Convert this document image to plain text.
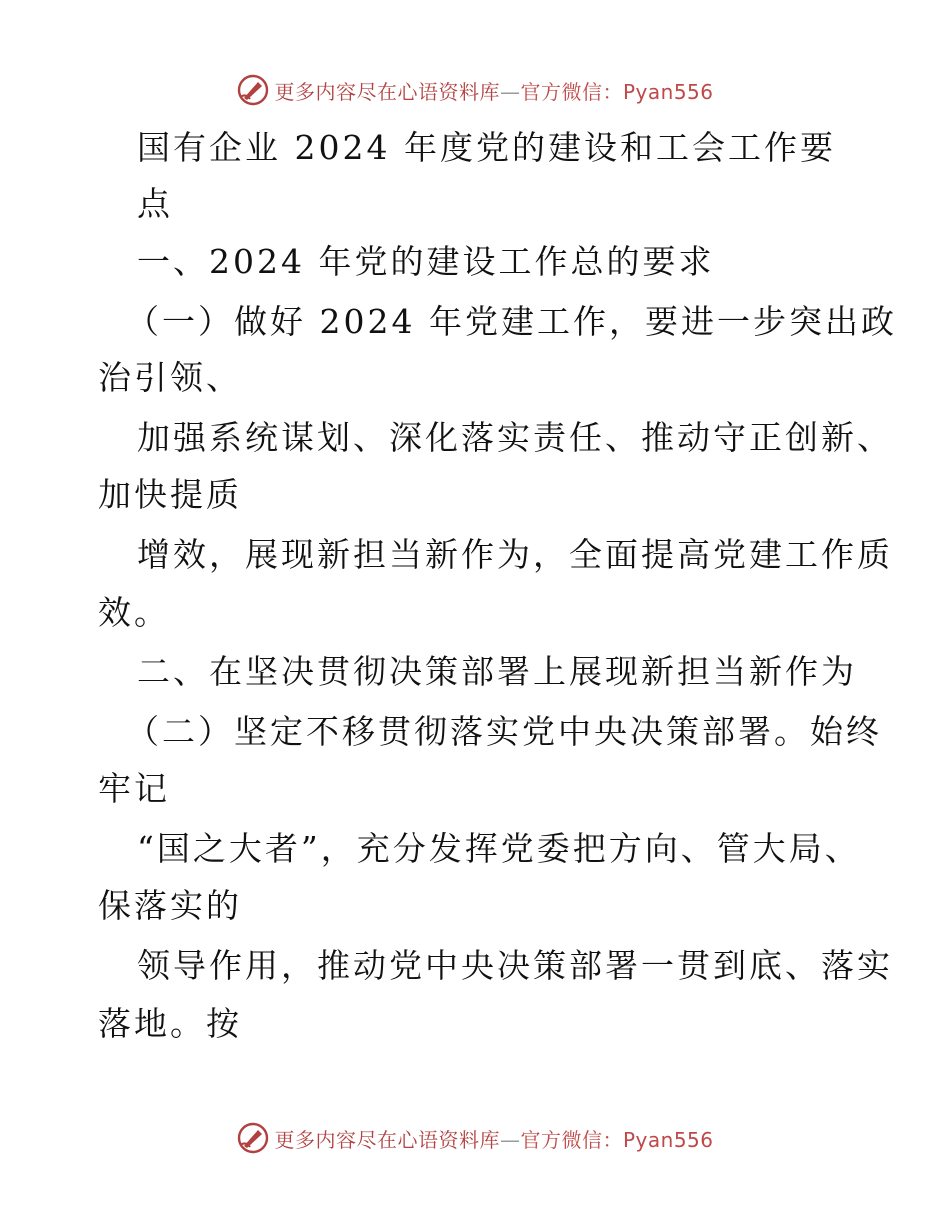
更多内容尽在心语资料库—官方微信：Pyan556
国有企业 2024 年度党的建设和工会工作要
点
一、2024 年党的建设工作总的要求
（一）做好 2024 年党建工作，要进一步突出政
治引领、
加强系统谋划、深化落实责任、推动守正创新、
加快提质
增效，展现新担当新作为，全面提高党建工作质
效。
二、在坚决贯彻决策部署上展现新担当新作为
（二）坚定不移贯彻落实党中央决策部署。始终
牢记
“国之大者”，充分发挥党委把方向、管大局、
保落实的
领导作用，推动党中央决策部署一贯到底、落实
落地。按
更多内容尽在心语资料库—官方微信：Pyan556
